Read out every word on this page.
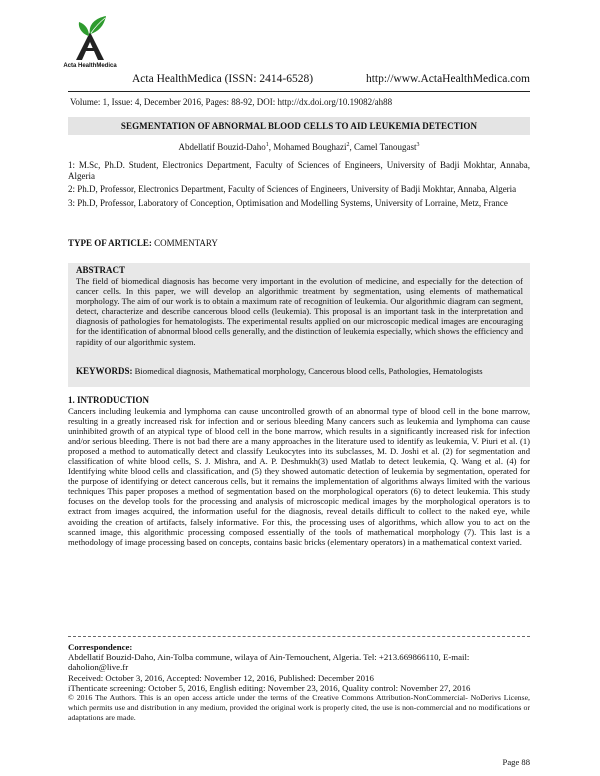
Acta HealthMedica
Acta HealthMedica (ISSN: 2414-6528)	http://www.ActaHealthMedica.com
Volume: 1, Issue: 4, December 2016, Pages: 88-92, DOI: http://dx.doi.org/10.19082/ah88
SEGMENTATION OF ABNORMAL BLOOD CELLS TO AID LEUKEMIA DETECTION
Abdellatif Bouzid-Daho$^1$, Mohamed Boughazi$^2$, Camel Tanougast$^3$

1: M.Sc, Ph.D. Student, Electronics Department, Faculty of Sciences of Engineers, University of Badji Mokhtar, Annaba, Algeria

2: Ph.D, Professor, Electronics Department, Faculty of Sciences of Engineers, University of Badji Mokhtar, Annaba, Algeria

3: Ph.D, Professor, Laboratory of Conception, Optimisation and Modelling Systems, University of Lorraine, Metz, France

TYPE OF ARTICLE: COMMENTARY
ABSTRACT
The field of biomedical diagnosis has become very important in the evolution of medicine, and especially for the detection of cancer cells. In this paper, we will develop an algorithmic treatment by segmentation, using elements of mathematical morphology. The aim of our work is to obtain a maximum rate of recognition of leukemia. Our algorithmic diagram can segment, detect, characterize and describe cancerous blood cells (leukemia). This proposal is an important task in the interpretation and diagnosis of pathologies for hematologists. The experimental results applied on our microscopic medical images are encouraging for the identification of abnormal blood cells generally, and the distinction of leukemia especially, which shows the efficiency and rapidity of our algorithmic system.
KEYWORDS: Biomedical diagnosis, Mathematical morphology, Cancerous blood cells, Pathologies, Hematologists
1. INTRODUCTION
Cancers including leukemia and lymphoma can cause uncontrolled growth of an abnormal type of blood cell in the bone marrow, resulting in a greatly increased risk for infection and or serious bleeding Many cancers such as leukemia and lymphoma can cause uninhibited growth of an atypical type of blood cell in the bone marrow, which results in a significantly increased risk for infection and/or serious bleeding. There is not bad there are a many approaches in the literature used to identify as leukemia, V. Piuri et al. (1) proposed a method to automatically detect and classify Leukocytes into its subclasses, M. D. Joshi et al. (2) for segmentation and classification of white blood cells, S. J. Mishra, and A. P. Deshmukh(3) used Matlab to detect leukemia, Q. Wang et al. (4) for Identifying white blood cells and classification, and (5) they showed automatic detection of leukemia by segmentation, operated for the purpose of identifying or detect cancerous cells, but it remains the implementation of algorithms always limited with the various techniques This paper proposes a method of segmentation based on the morphological operators (6) to detect leukemia. This study focuses on the develop tools for the processing and analysis of microscopic medical images by the morphological operators is to extract from images acquired, the information useful for the diagnosis, reveal details difficult to collect to the naked eye, while avoiding the creation of artifacts, falsely informative. For this, the processing uses of algorithms, which allow you to act on the scanned image, this algorithmic processing composed essentially of the tools of mathematical morphology (7). This last is a methodology of image processing based on concepts, contains basic bricks (elementary operators) in a mathematical context varied.

Correspondence:

Abdellatif Bouzid-Daho, Ain-Tolba commune, wilaya of Ain-Temouchent, Algeria. Tel: +213.669866110, E-mail: daholion@live.fr

Received: October 3, 2016, Accepted: November 12, 2016, Published: December 2016

iThenticate screening: October 5, 2016, English editing: November 23, 2016, Quality control: November 27, 2016

© 2016 The Authors. This is an open access article under the terms of the Creative Commons Attribution-NonCommercial- NoDerivs License, which permits use and distribution in any medium, provided the original work is properly cited, the use is non-commercial and no modifications or adaptations are made.

Page 88
